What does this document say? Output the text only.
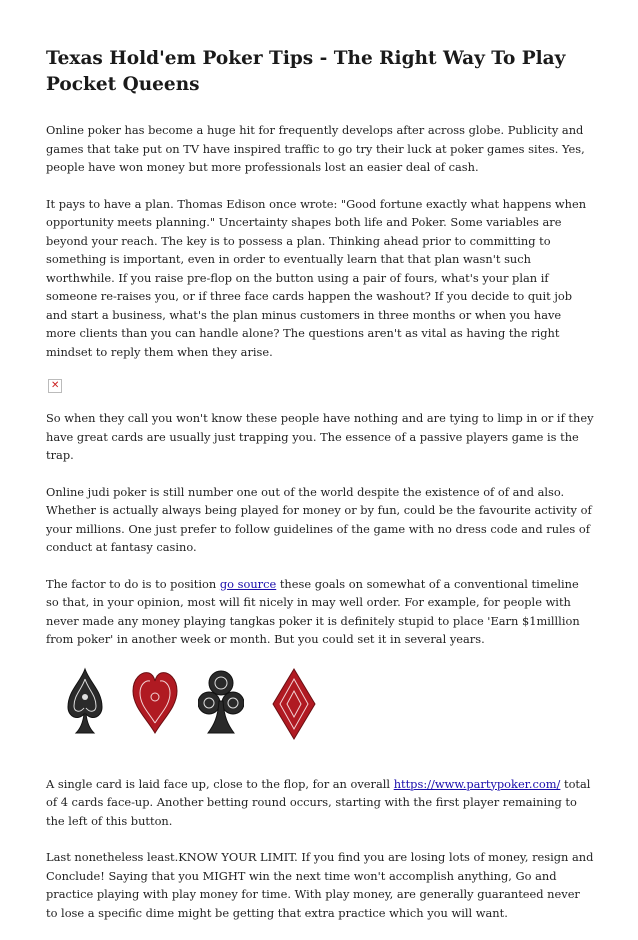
Texas Hold'em Poker Tips - The Right Way To Play Pocket Queens

Online poker has become a huge hit for frequently develops after across globe. Publicity and games that take put on TV have inspired traffic to go try their luck at poker games sites. Yes, people have won money but more professionals lost an easier deal of cash.

It pays to have a plan. Thomas Edison once wrote: "Good fortune exactly what happens when opportunity meets planning." Uncertainty shapes both life and Poker. Some variables are beyond your reach. The key is to possess a plan. Thinking ahead prior to committing to something is important, even in order to eventually learn that that plan wasn't such worthwhile. If you raise pre-flop on the button using a pair of fours, what's your plan if someone re-raises you, or if three face cards happen the washout? If you decide to quit job and start a business, what's the plan minus customers in three months or when you have more clients than you can handle alone? The questions aren't as vital as having the right mindset to reply them when they arise.

✕

So when they call you won't know these people have nothing and are tying to limp in or if they have great cards are usually just trapping you. The essence of a passive players game is the trap.

Online judi poker is still number one out of the world despite the existence of of and also. Whether is actually always being played for money or by fun, could be the favourite activity of your millions. One just prefer to follow guidelines of the game with no dress code and rules of conduct at fantasy casino.

The factor to do is to position go source these goals on somewhat of a conventional timeline so that, in your opinion, most will fit nicely in may well order. For example, for people with never made any money playing tangkas poker it is definitely stupid to place 'Earn $1milllion from poker' in another week or month. But you could set it in several years.

A single card is laid face up, close to the flop, for an overall https://www.partypoker.com/ total of 4 cards face-up. Another betting round occurs, starting with the first player remaining to the left of this button.

Last nonetheless least.KNOW YOUR LIMIT. If you find you are losing lots of money, resign and Conclude! Saying that you MIGHT win the next time won't accomplish anything, Go and practice playing with play money for time. With play money, are generally guaranteed never to lose a specific dime might be getting that extra practice which you will want.
